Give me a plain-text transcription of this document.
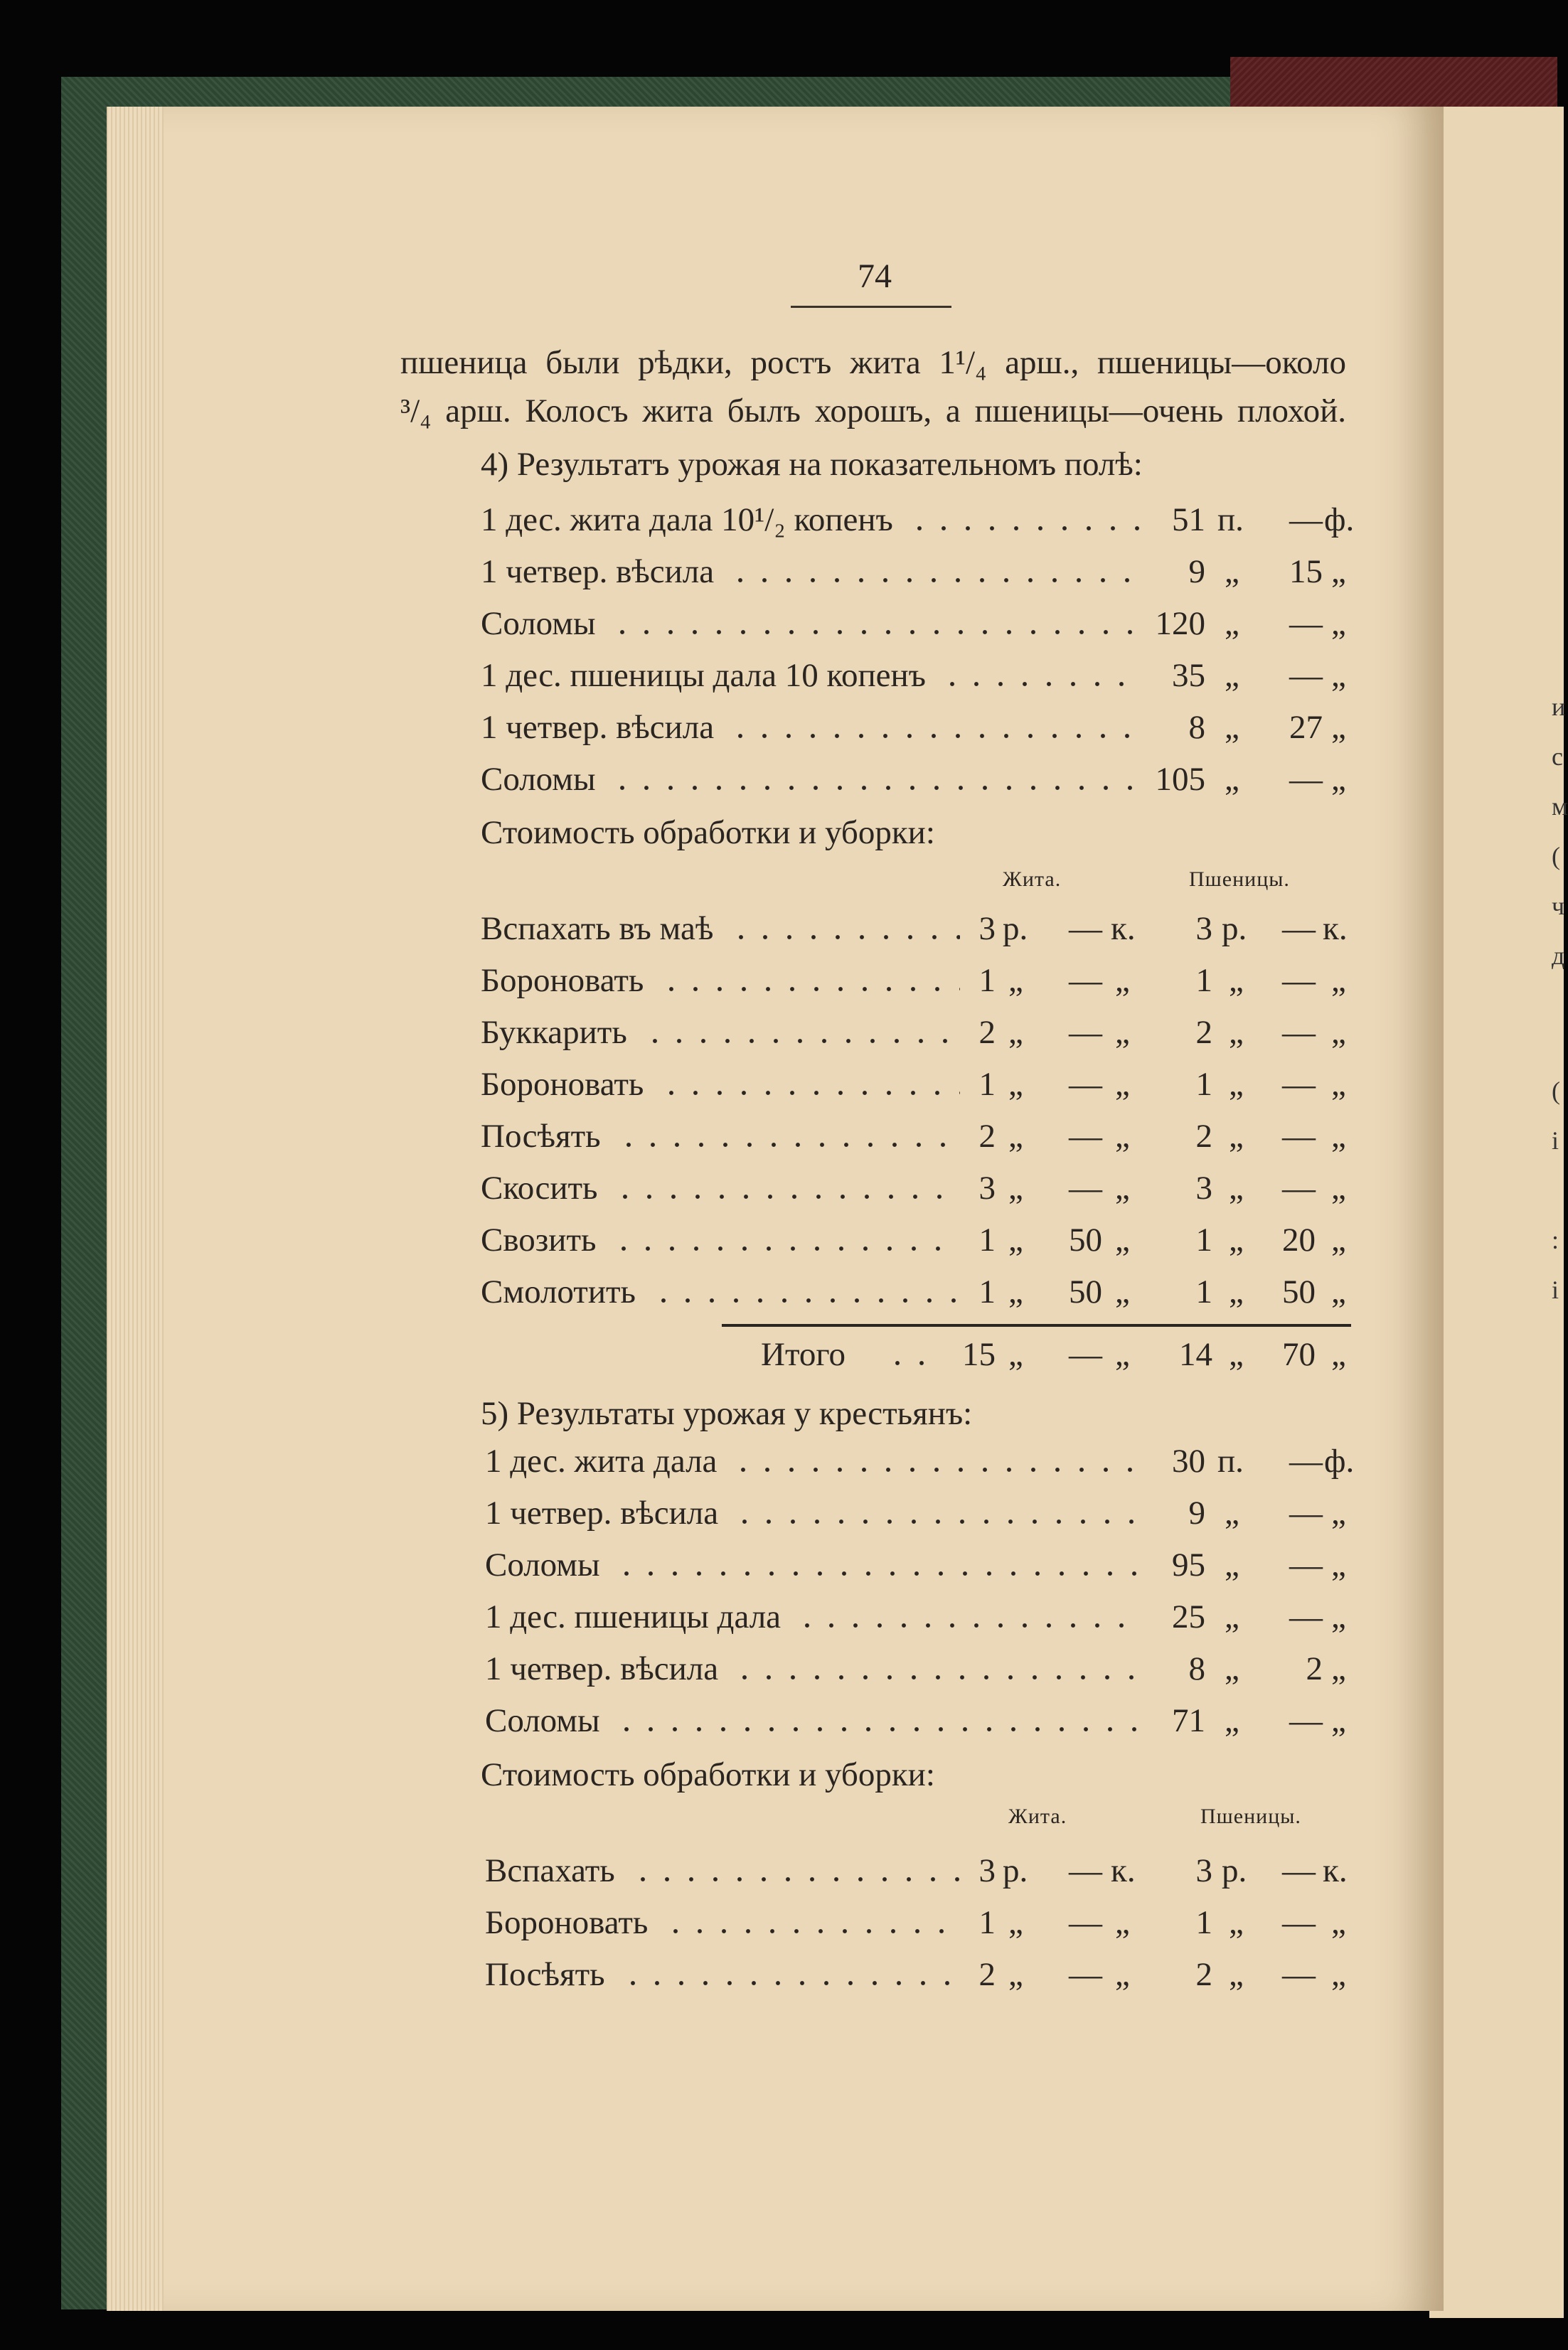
и
с
м
(
ч
д
(
і
:
і
74
пшеница были рѣдки, ростъ жита 1¹/₄ арш., пшеницы—около
³/₄ арш. Колосъ жита былъ хорошъ, а пшеницы—очень плохой.
4) Результатъ урожая на показательномъ полѣ:
1 дес. жита дала 10¹/₂ копенъ	51 п.	— ф.
1 четвер. вѣсила	9 „	15 „
Соломы	120 „	— „
1 дес. пшеницы дала 10 копенъ	35 „	— „
1 четвер. вѣсила	8 „	27 „
Соломы	105 „	— „
Стоимость обработки и уборки:
Жита.	Пшеницы.
Вспахать въ маѣ	3 р.	— к.	3 р.	— к.
Бороновать	1 „	— „	1 „	— „
Буккарить	2 „	— „	2 „	— „
Бороновать	1 „	— „	1 „	— „
Посѣять	2 „	— „	2 „	— „
Скосить	3 „	— „	3 „	— „
Свозить	1 „	50 „	1 „	20 „
Смолотить	1 „	50 „	1 „	50 „
Итого	15 „	— „	14 „	70 „
5) Результаты урожая у крестьянъ:
1 дес. жита дала	30 п.	— ф.
1 четвер. вѣсила	9 „	— „
Соломы	95 „	— „
1 дес. пшеницы дала	25 „	— „
1 четвер. вѣсила	8 „	2 „
Соломы	71 „	— „
Стоимость обработки и уборки:
Жита.	Пшеницы.
Вспахать	3 р.	— к.	3 р.	— к.
Бороновать	1 „	— „	1 „	— „
Посѣять	2 „	— „	2 „	— „
